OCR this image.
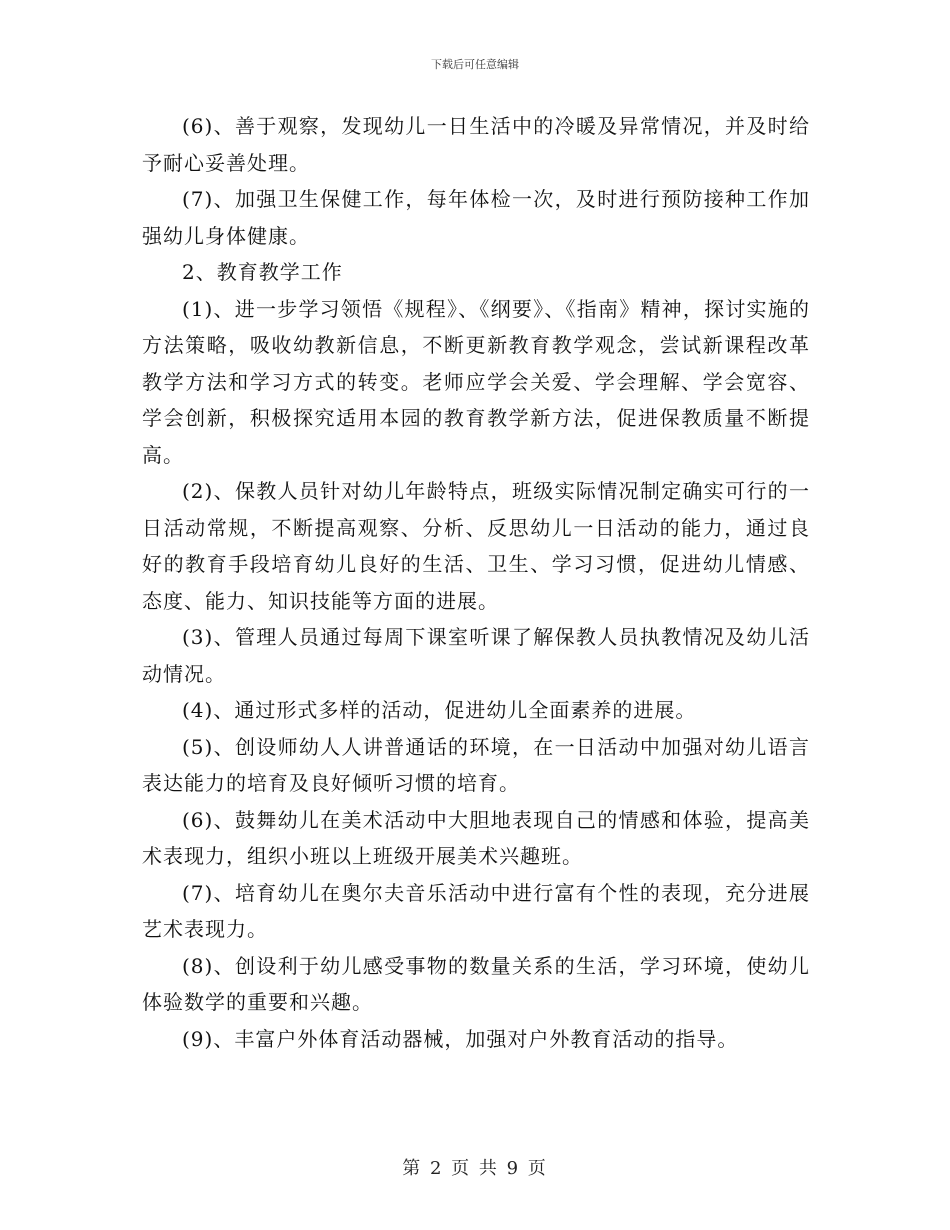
下载后可任意编辑

(6)、善于观察，发现幼儿一日生活中的冷暖及异常情况，并及时给予耐心妥善处理。

(7)、加强卫生保健工作，每年体检一次，及时进行预防接种工作加强幼儿身体健康。

2、教育教学工作

(1)、进一步学习领悟《规程》、《纲要》、《指南》精神，探讨实施的方法策略，吸收幼教新信息，不断更新教育教学观念，尝试新课程改革教学方法和学习方式的转变。老师应学会关爱、学会理解、学会宽容、学会创新，积极探究适用本园的教育教学新方法，促进保教质量不断提高。

(2)、保教人员针对幼儿年龄特点，班级实际情况制定确实可行的一日活动常规，不断提高观察、分析、反思幼儿一日活动的能力，通过良好的教育手段培育幼儿良好的生活、卫生、学习习惯，促进幼儿情感、态度、能力、知识技能等方面的进展。

(3)、管理人员通过每周下课室听课了解保教人员执教情况及幼儿活动情况。

(4)、通过形式多样的活动，促进幼儿全面素养的进展。

(5)、创设师幼人人讲普通话的环境，在一日活动中加强对幼儿语言表达能力的培育及良好倾听习惯的培育。

(6)、鼓舞幼儿在美术活动中大胆地表现自己的情感和体验，提高美术表现力，组织小班以上班级开展美术兴趣班。

(7)、培育幼儿在奥尔夫音乐活动中进行富有个性的表现，充分进展艺术表现力。

(8)、创设利于幼儿感受事物的数量关系的生活，学习环境，使幼儿体验数学的重要和兴趣。

(9)、丰富户外体育活动器械，加强对户外教育活动的指导。

第 2 页 共 9 页
